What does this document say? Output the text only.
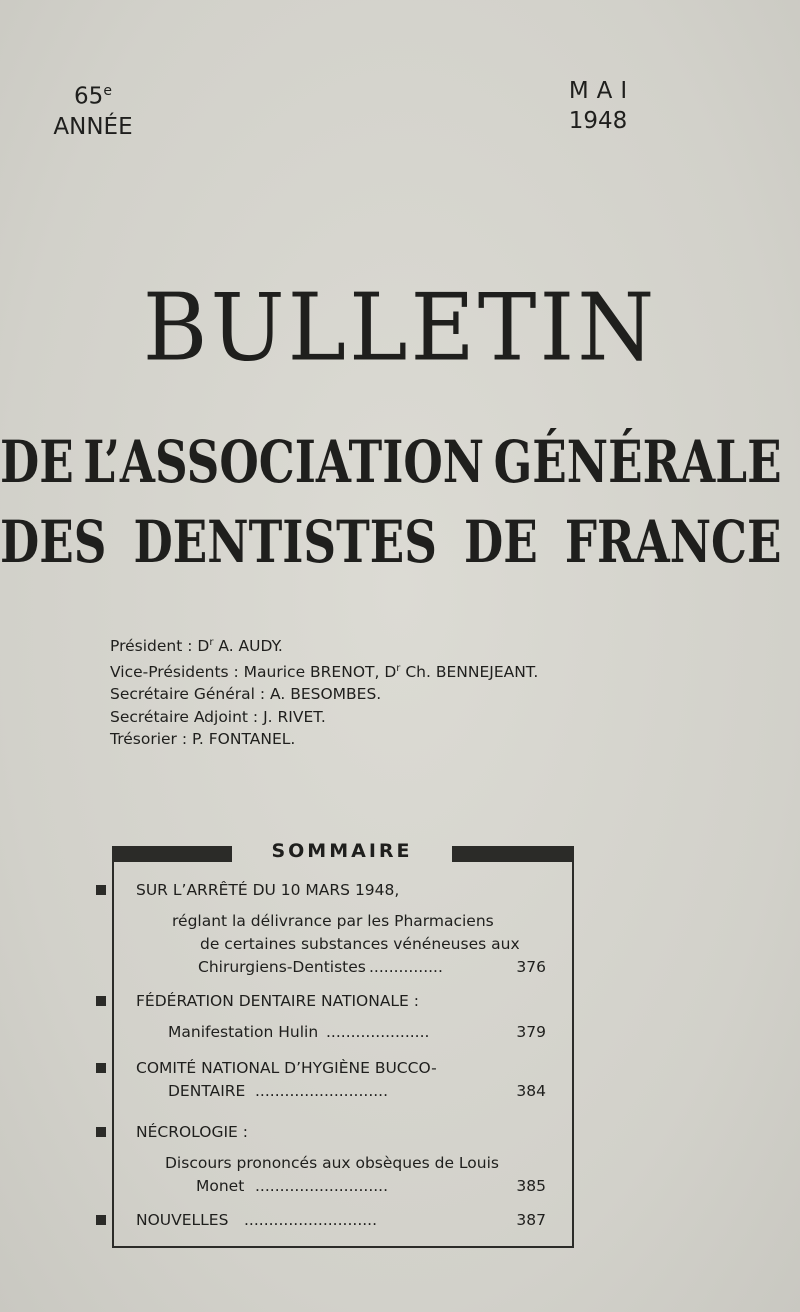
65e
ANNÉE
MAI
1948
BULLETIN
DE L’ASSOCIATION GÉNÉRALE
DES DENTISTES DE FRANCE
Président : $D^r$ A. AUDY.
Vice-Présidents : Maurice BRENOT, $D^r$ Ch. BENNEJEANT.
Secrétaire Général : A. BESOMBES.
Secrétaire Adjoint : J. RIVET.
Trésorier : P. FONTANEL.
SOMMAIRE
SUR L’ARRÊTÉ DU 10 MARS 1948,
réglant la délivrance par les Pharmaciens
de certaines substances vénéneuses aux
Chirurgiens-Dentistes ...............	376
FÉDÉRATION DENTAIRE NATIONALE :
Manifestation Hulin .....................	379
COMITÉ NATIONAL D’HYGIÈNE BUCCO-
DENTAIRE ...........................	384
NÉCROLOGIE :
Discours prononcés aux obsèques de Louis
Monet ...........................	385
NOUVELLES ...........................	387
